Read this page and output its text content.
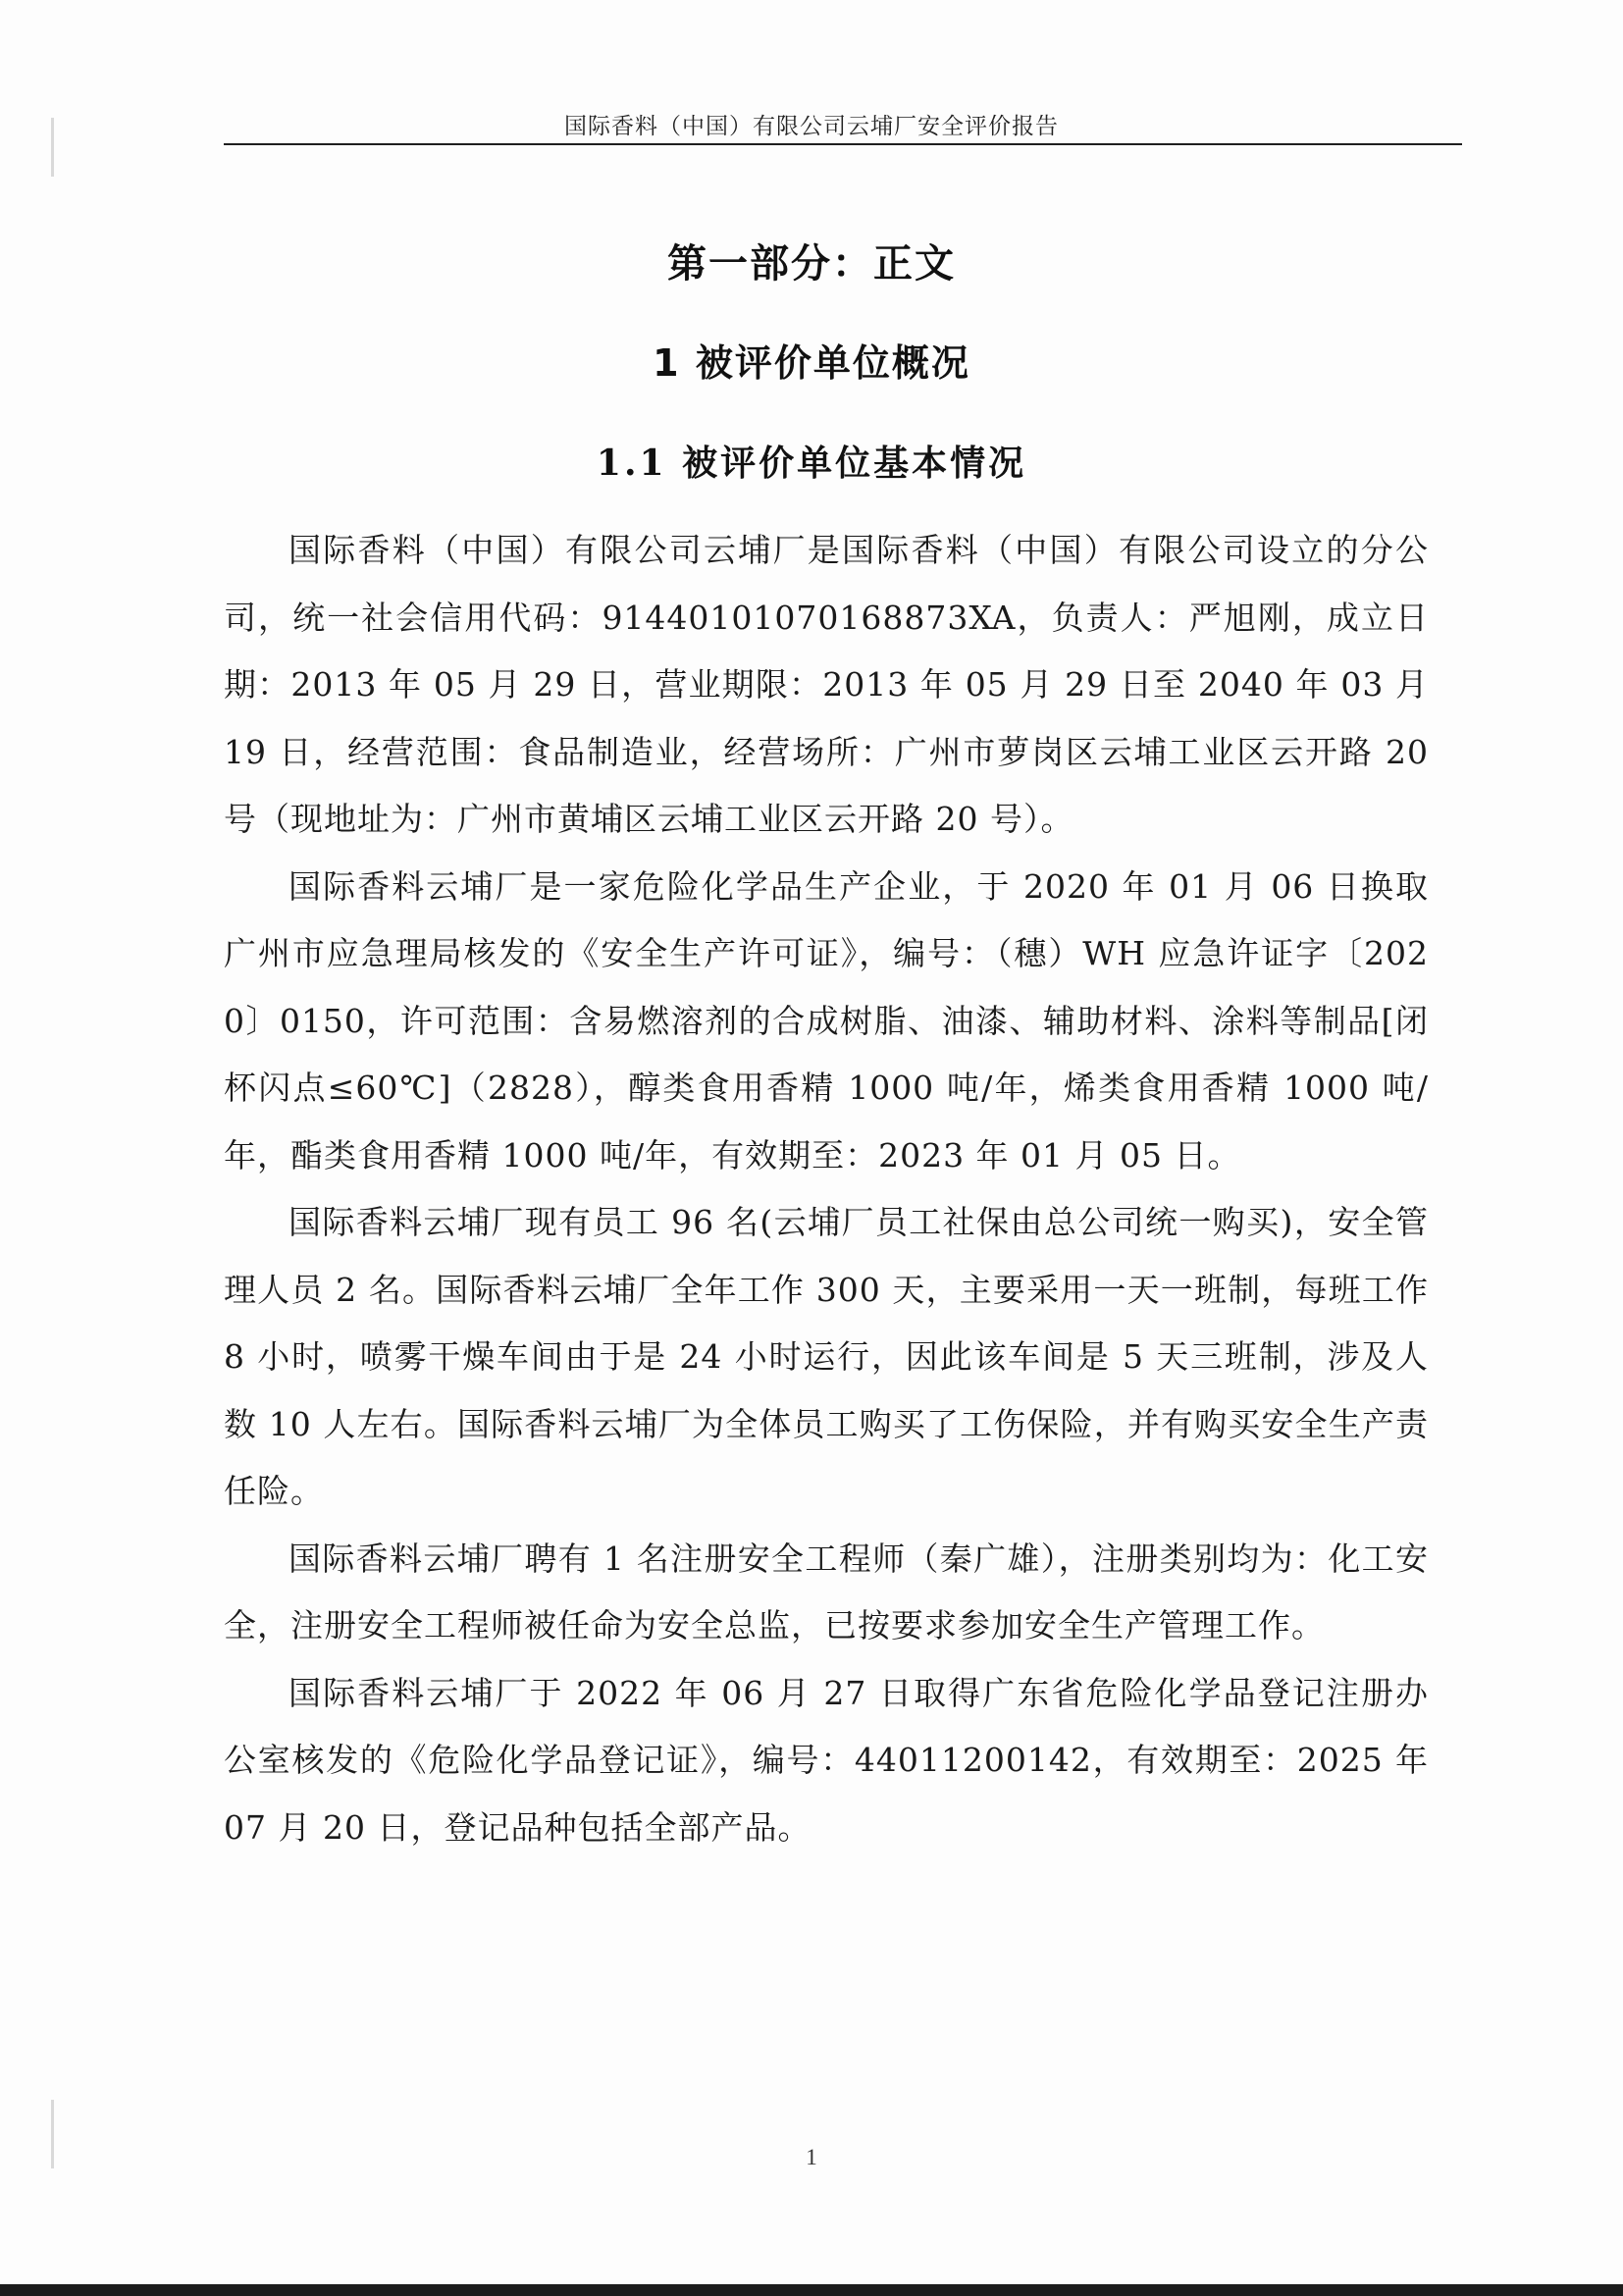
国际香料（中国）有限公司云埔厂安全评价报告
第一部分：正文
1 被评价单位概况
1.1 被评价单位基本情况

国际香料（中国）有限公司云埔厂是国际香料（中国）有限公司设立的分公司，统一社会信用代码：91440101070168873XA，负责人：严旭刚，成立日期：2013 年 05 月 29 日，营业期限：2013 年 05 月 29 日至 2040 年 03 月 19 日，经营范围：食品制造业，经营场所：广州市萝岗区云埔工业区云开路 20 号（现地址为：广州市黄埔区云埔工业区云开路 20 号）。

国际香料云埔厂是一家危险化学品生产企业，于 2020 年 01 月 06 日换取广州市应急理局核发的《安全生产许可证》，编号：（穗）WH 应急许证字〔2020〕0150，许可范围：含易燃溶剂的合成树脂、油漆、辅助材料、涂料等制品[闭杯闪点≤60℃]（2828），醇类食用香精 1000 吨/年，烯类食用香精 1000 吨/年，酯类食用香精 1000 吨/年，有效期至：2023 年 01 月 05 日。

国际香料云埔厂现有员工 96 名(云埔厂员工社保由总公司统一购买)，安全管理人员 2 名。国际香料云埔厂全年工作 300 天，主要采用一天一班制，每班工作 8 小时，喷雾干燥车间由于是 24 小时运行，因此该车间是 5 天三班制，涉及人数 10 人左右。国际香料云埔厂为全体员工购买了工伤保险，并有购买安全生产责任险。

国际香料云埔厂聘有 1 名注册安全工程师（秦广雄），注册类别均为：化工安全，注册安全工程师被任命为安全总监，已按要求参加安全生产管理工作。

国际香料云埔厂于 2022 年 06 月 27 日取得广东省危险化学品登记注册办公室核发的《危险化学品登记证》，编号：44011200142，有效期至：2025 年 07 月 20 日，登记品种包括全部产品。

1
